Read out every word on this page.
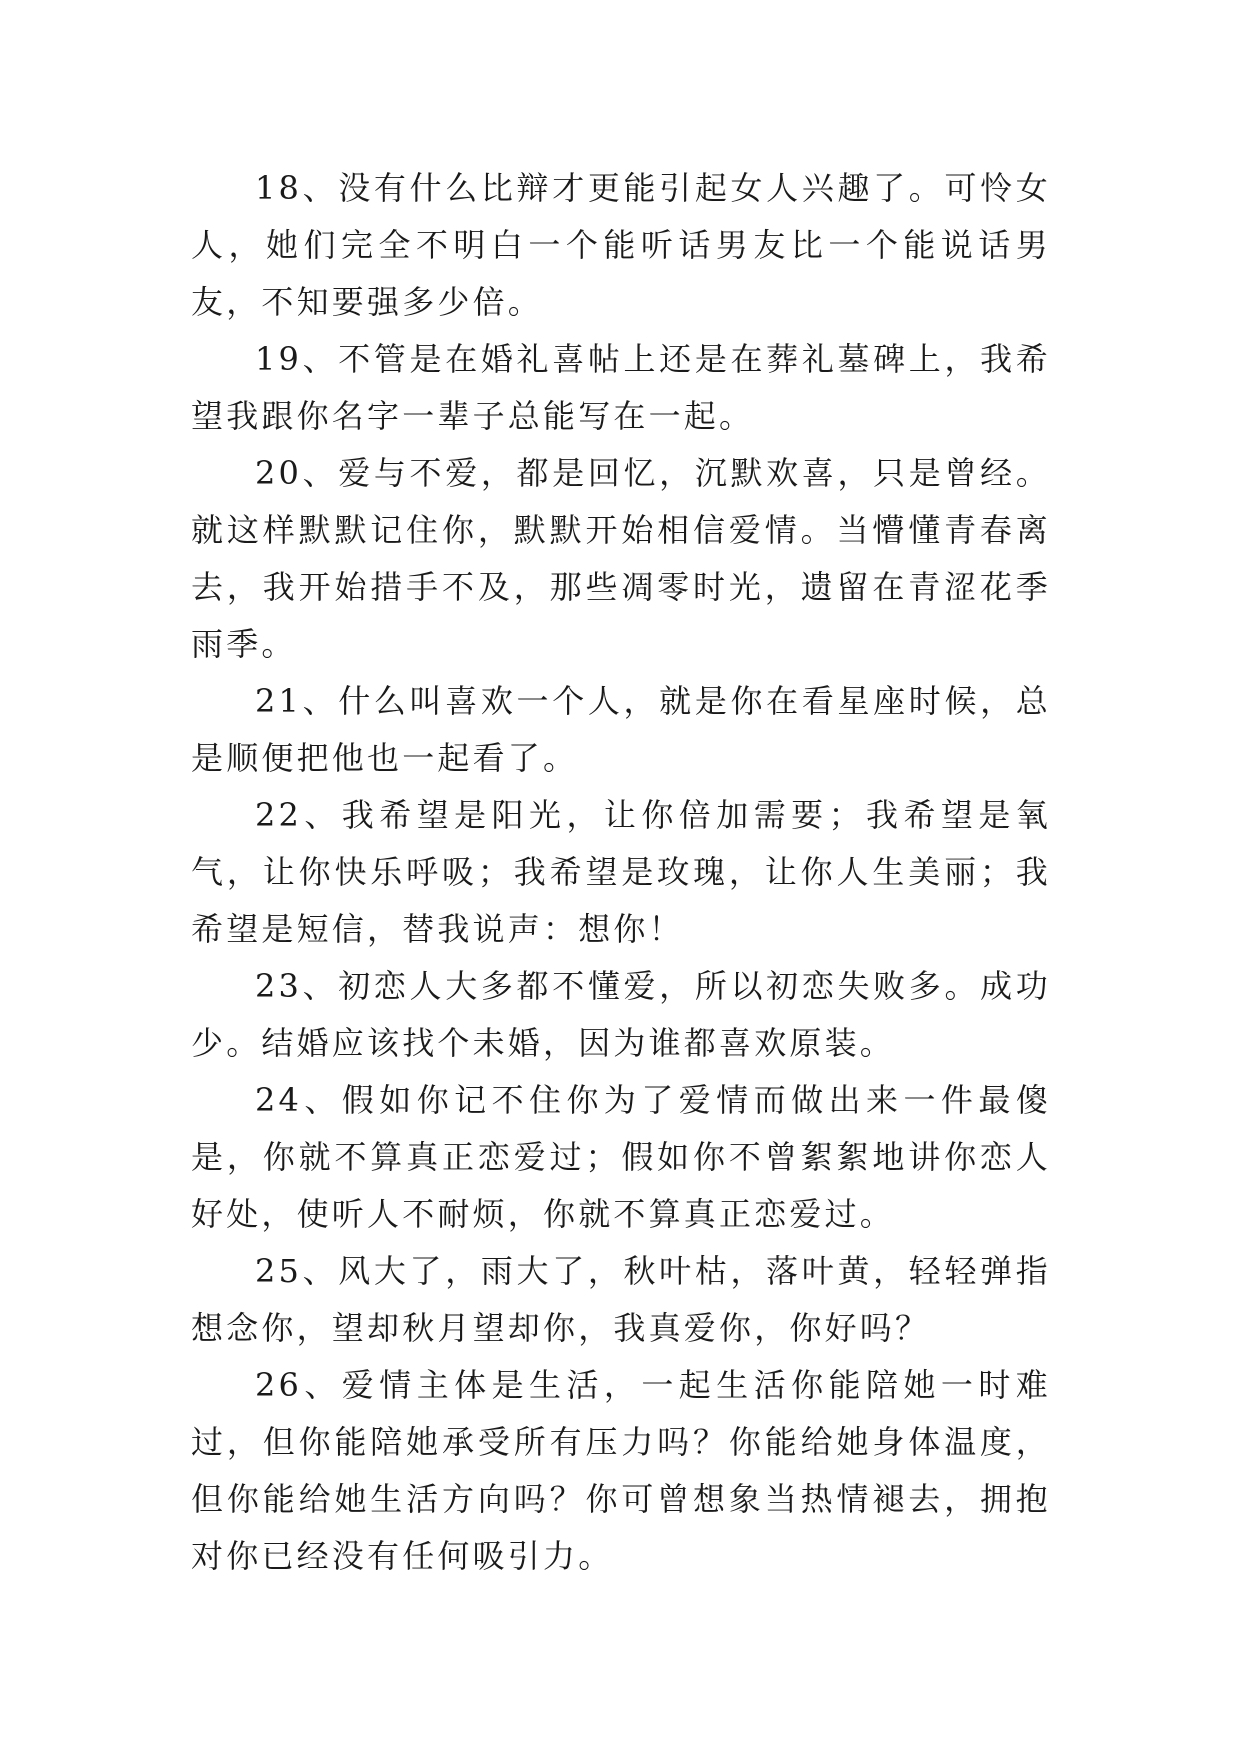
18、没有什么比辩才更能引起女人兴趣了。可怜女人，她们完全不明白一个能听话男友比一个能说话男友，不知要强多少倍。

19、不管是在婚礼喜帖上还是在葬礼墓碑上，我希望我跟你名字一辈子总能写在一起。

20、爱与不爱，都是回忆，沉默欢喜，只是曾经。就这样默默记住你，默默开始相信爱情。当懵懂青春离去，我开始措手不及，那些凋零时光，遗留在青涩花季雨季。

21、什么叫喜欢一个人，就是你在看星座时候，总是顺便把他也一起看了。

22、我希望是阳光，让你倍加需要；我希望是氧气，让你快乐呼吸；我希望是玫瑰，让你人生美丽；我希望是短信，替我说声：想你！

23、初恋人大多都不懂爱，所以初恋失败多。成功少。结婚应该找个未婚，因为谁都喜欢原装。

24、假如你记不住你为了爱情而做出来一件最傻是，你就不算真正恋爱过；假如你不曾絮絮地讲你恋人好处，使听人不耐烦，你就不算真正恋爱过。

25、风大了，雨大了，秋叶枯，落叶黄，轻轻弹指想念你，望却秋月望却你，我真爱你，你好吗？

26、爱情主体是生活，一起生活你能陪她一时难过，但你能陪她承受所有压力吗？你能给她身体温度，但你能给她生活方向吗？你可曾想象当热情褪去，拥抱对你已经没有任何吸引力。
